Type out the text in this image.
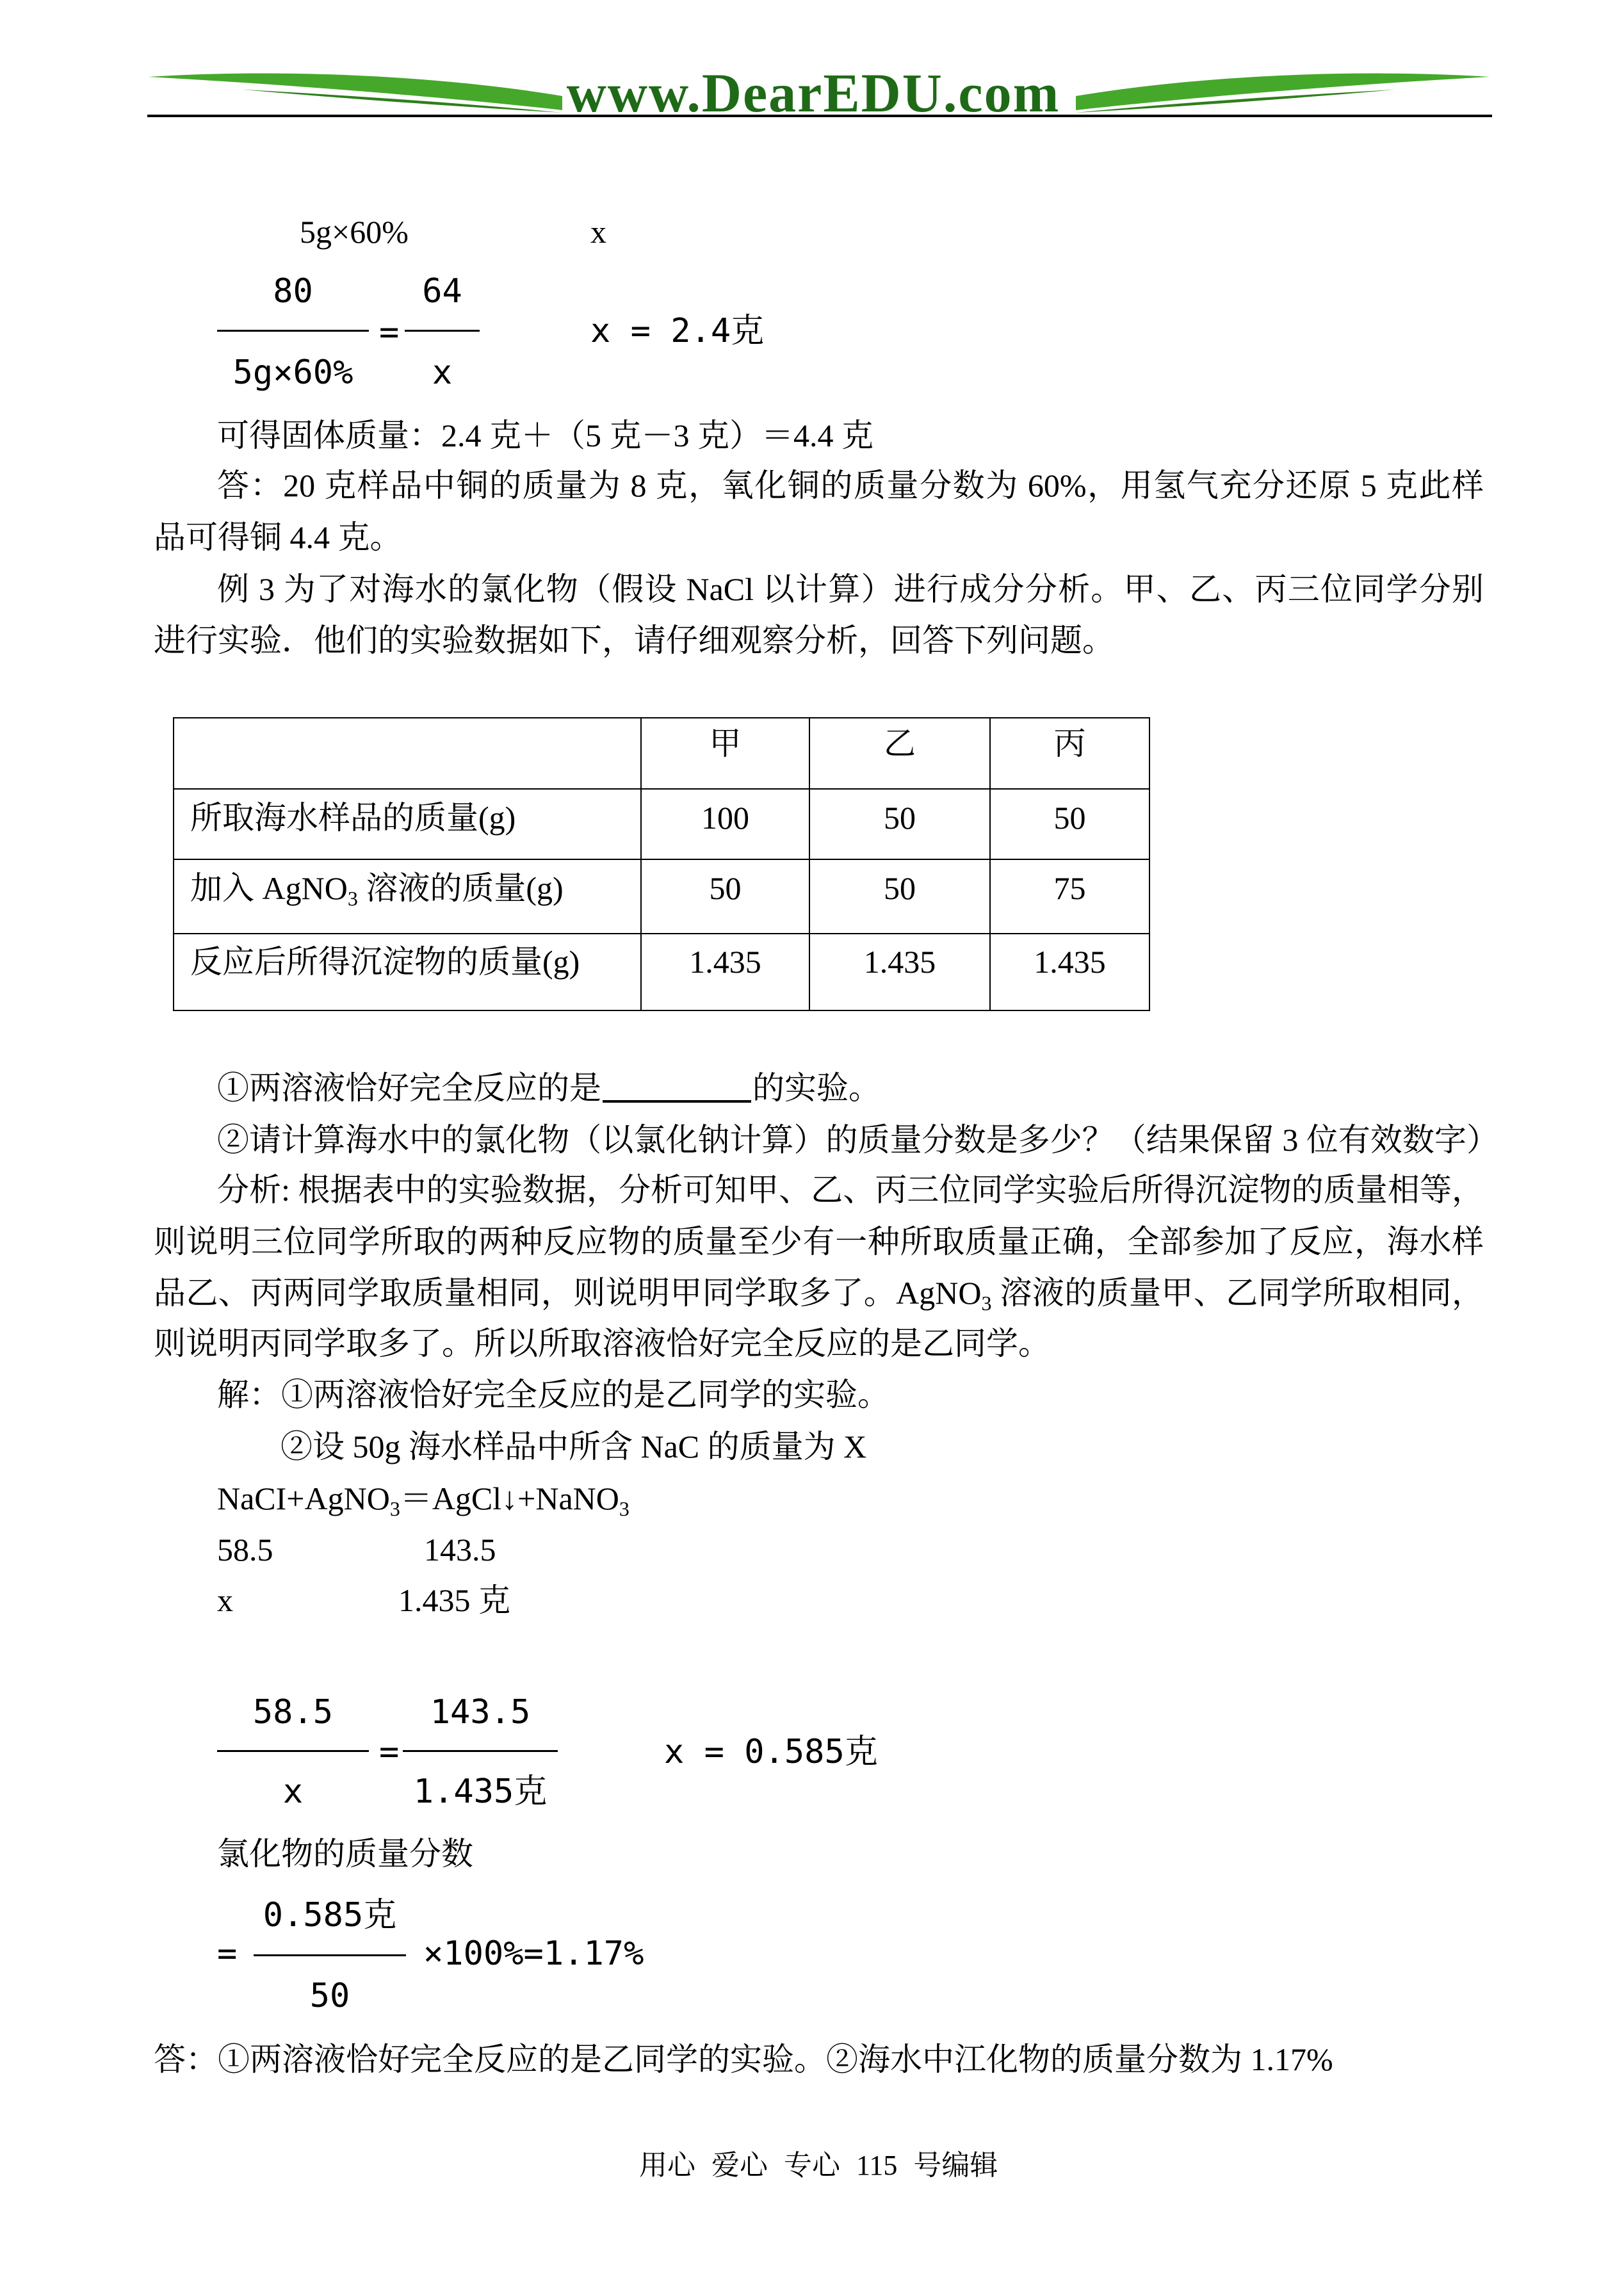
www.DearEDU.com
5g×60%	x
80
5g×60%
=
64
x
x = 2.4克
可得固体质量：2.4 克＋（5 克－3 克）＝4.4 克
答：20 克样品中铜的质量为 8 克，氧化铜的质量分数为 60%，用氢气充分还原 5 克此样
品可得铜 4.4 克。
例 3 为了对海水的氯化物（假设 NaCl 以计算）进行成分分析。甲、乙、丙三位同学分别
进行实验．他们的实验数据如下，请仔细观察分析，回答下列问题。
	甲	乙	丙
所取海水样品的质量(g)	100	50	50
加入 AgNO$_3$ 溶液的质量(g)	50	50	75
反应后所得沉淀物的质量(g)	1.435	1.435	1.435
①两溶液恰好完全反应的是	的实验。
②请计算海水中的氯化物（以氯化钠计算）的质量分数是多少？（结果保留 3 位有效数字）
分析: 根据表中的实验数据，分析可知甲、乙、丙三位同学实验后所得沉淀物的质量相等，
则说明三位同学所取的两种反应物的质量至少有一种所取质量正确，全部参加了反应，海水样
品乙、丙两同学取质量相同，则说明甲同学取多了。AgNO$_3$ 溶液的质量甲、乙同学所取相同，
则说明丙同学取多了。所以所取溶液恰好完全反应的是乙同学。
解：①两溶液恰好完全反应的是乙同学的实验。
②设 50g 海水样品中所含 NaC 的质量为 X
NaCI+AgNO$_3$＝AgCl↓+NaNO$_3$
58.5	143.5
x	1.435 克
58.5
x
=
143.5
1.435克
x = 0.585克
氯化物的质量分数
=
0.585克
50
×100%=1.17%
答：①两溶液恰好完全反应的是乙同学的实验。②海水中江化物的质量分数为 1.17%
用心 爱心 专心 115 号编辑
